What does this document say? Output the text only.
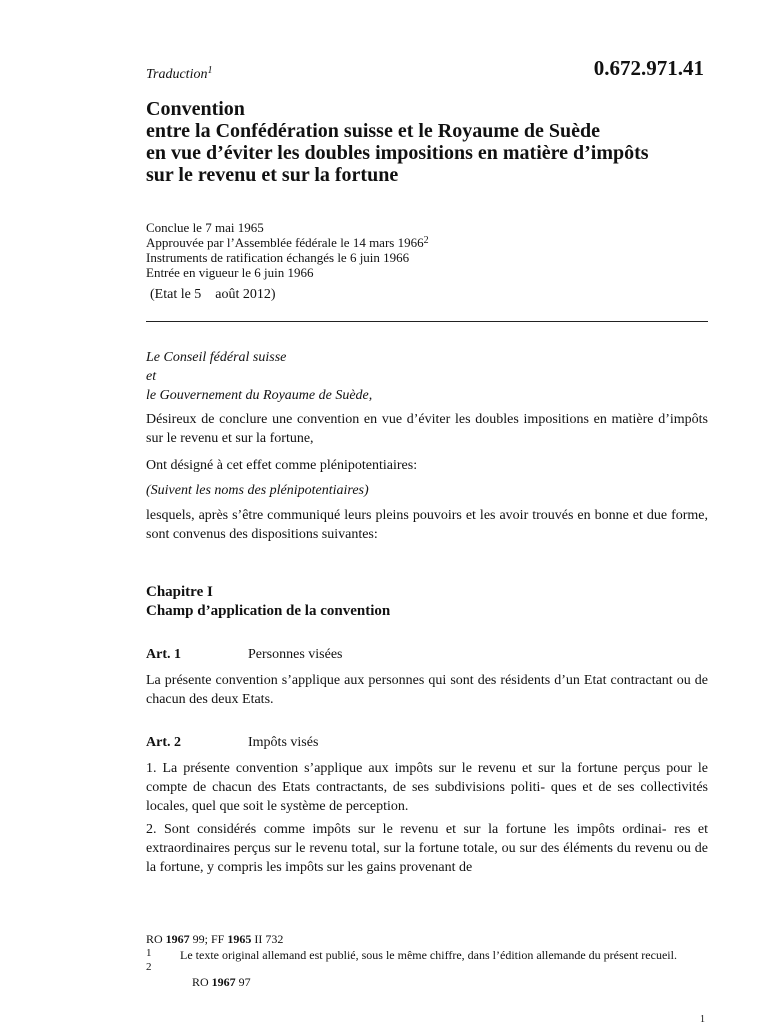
Traduction$^1$	0.672.971.41
Convention
entre la Confédération suisse et le Royaume de Suède
en vue d’éviter les doubles impositions en matière d’impôts
sur le revenu et sur la fortune
Conclue le 7 mai 1965
Approuvée par l’Assemblée fédérale le 14 mars 1966$^2$
Instruments de ratification échangés le 6 juin 1966
Entrée en vigueur le 6 juin 1966
(Etat le 5    août 2012)
Le Conseil fédéral suisse
et
le Gouvernement du Royaume de Suède,
Désireux de conclure une convention en vue d’éviter les doubles impositions en matière d’impôts sur le revenu et sur la fortune,
Ont désigné à cet effet comme plénipotentiaires:
(Suivent les noms des plénipotentiaires)
lesquels, après s’être communiqué leurs pleins pouvoirs et les avoir trouvés en bonne et due forme, sont convenus des dispositions suivantes:
Chapitre I
Champ d’application de la convention
Art. 1	Personnes visées
La présente convention s’applique aux personnes qui sont des résidents d’un Etat contractant ou de chacun des deux Etats.
Art. 2	Impôts visés
1. La présente convention s’applique aux impôts sur le revenu et sur la fortune perçus pour le compte de chacun des Etats contractants, de ses subdivisions politi- ques et de ses collectivités locales, quel que soit le système de perception.
2. Sont considérés comme impôts sur le revenu et sur la fortune les impôts ordinai- res et extraordinaires perçus sur le revenu total, sur la fortune totale, ou sur des éléments du revenu ou de la fortune, y compris les impôts sur les gains provenant de
RO 1967 99; FF 1965 II 732
1 Le texte original allemand est publié, sous le même chiffre, dans l’édition allemande du présent recueil.

2
RO 1967 97

1
